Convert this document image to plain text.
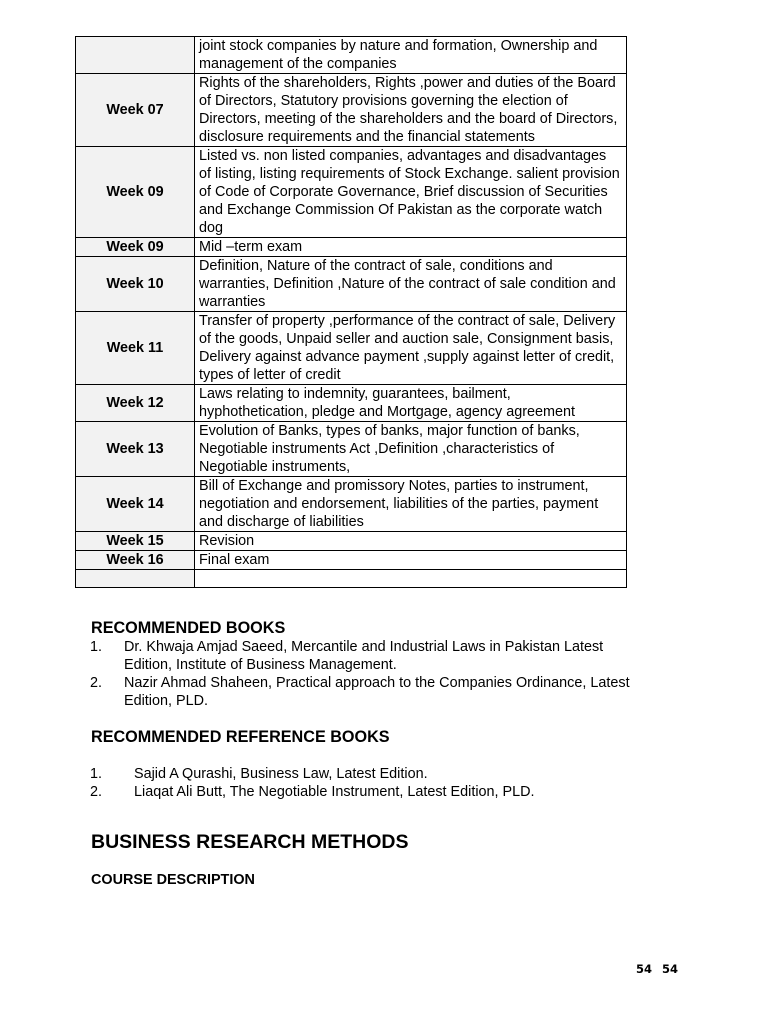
	joint stock companies by nature and formation, Ownership and management of the companies
Week 07	Rights of the shareholders, Rights ,power and duties of the Board of Directors, Statutory provisions governing the election of Directors, meeting of the shareholders and the board of Directors, disclosure requirements and the financial statements
Week 09	Listed vs. non listed companies, advantages and disadvantages of listing, listing requirements of Stock Exchange. salient provision of Code of Corporate Governance, Brief discussion of Securities and Exchange Commission Of Pakistan as the corporate watch dog
Week 09	Mid –term exam
Week 10	Definition, Nature of the contract of sale, conditions and warranties, Definition ,Nature of the contract of sale condition and warranties
Week 11	Transfer of property ,performance of the contract of sale, Delivery of the goods, Unpaid seller and auction sale, Consignment basis, Delivery against advance payment ,supply against letter of credit, types of letter of credit
Week 12	Laws relating to indemnity, guarantees, bailment, hyphothetication, pledge and Mortgage, agency agreement
Week 13	Evolution of Banks, types of banks, major function of banks, Negotiable instruments Act ,Definition ,characteristics of Negotiable instruments,
Week 14	Bill of Exchange and promissory Notes, parties to instrument, negotiation and endorsement, liabilities of the parties, payment and discharge of liabilities
Week 15	Revision
Week 16	Final exam

RECOMMENDED BOOKS
1. Dr. Khwaja Amjad Saeed, Mercantile and Industrial Laws in Pakistan Latest Edition, Institute of Business Management.
2. Nazir Ahmad Shaheen, Practical approach to the Companies Ordinance, Latest Edition, PLD.
RECOMMENDED REFERENCE BOOKS
1. Sajid A Qurashi, Business Law, Latest Edition.
2. Liaqat Ali Butt, The Negotiable Instrument, Latest Edition, PLD.
BUSINESS RESEARCH METHODS
COURSE DESCRIPTION
54 54
